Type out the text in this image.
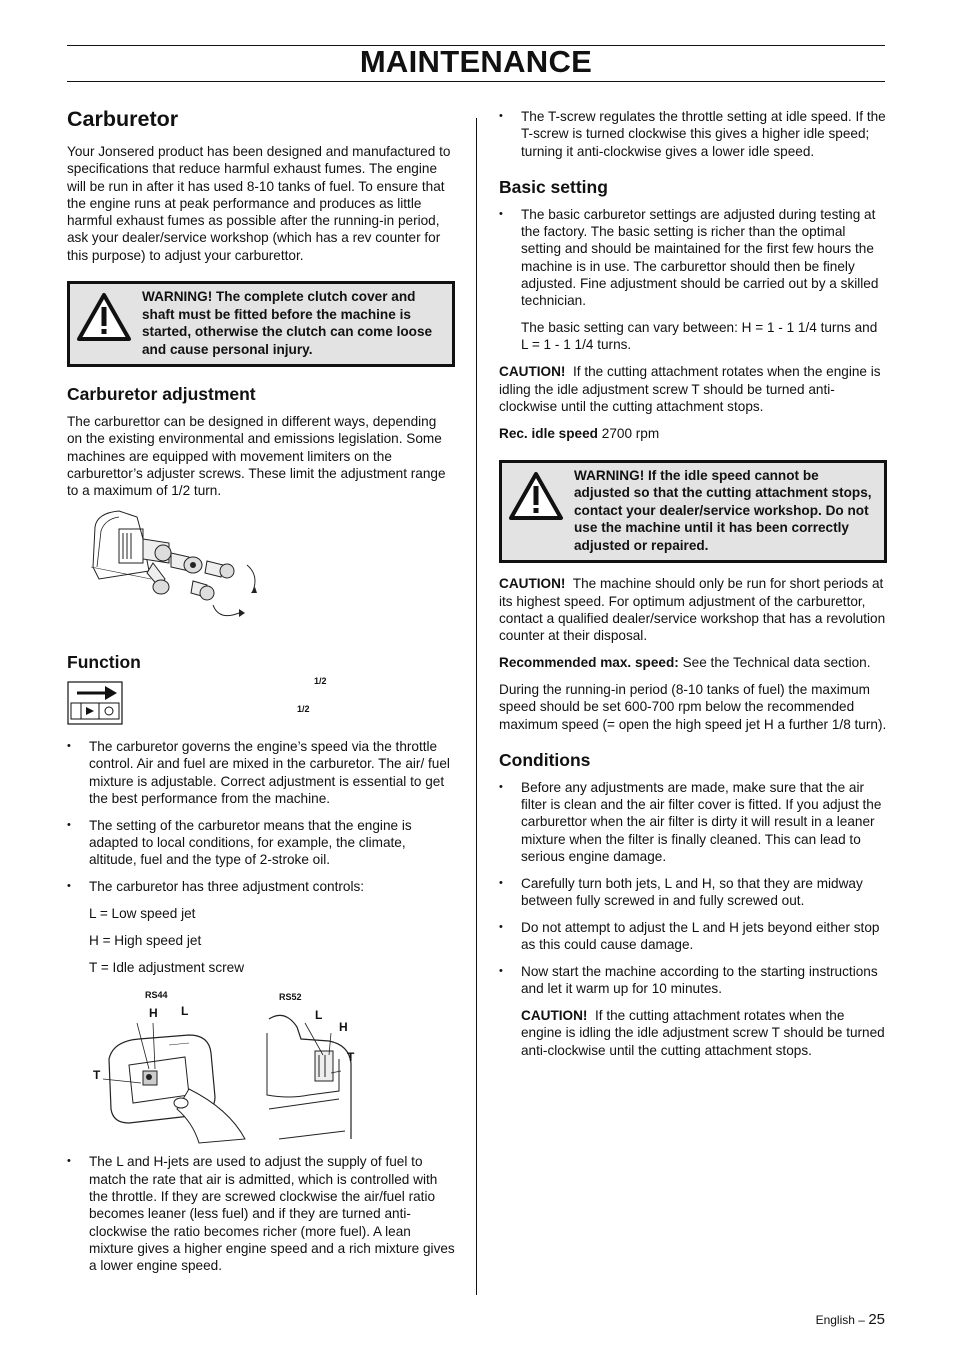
MAINTENANCE
Carburetor

Your Jonsered product has been designed and manufactured to specifications that reduce harmful exhaust fumes. The engine will be run in after it has used 8-10 tanks of fuel. To ensure that the engine runs at peak performance and produces as little harmful exhaust fumes as possible after the running-in period, ask your dealer/service workshop (which has a rev counter for this purpose) to adjust your carburettor.

WARNING! The complete clutch cover and shaft must be fitted before the machine is started, otherwise the clutch can come loose and cause personal injury.
Carburetor adjustment

The carburettor can be designed in different ways, depending on the existing environmental and emissions legislation. Some machines are equipped with movement limiters on the carburettor’s adjuster screws. These limit the adjustment range to a maximum of 1/2 turn.

1/2
1/2
Function
• The carburetor governs the engine’s speed via the throttle control. Air and fuel are mixed in the carburetor. The air/ fuel mixture is adjustable. Correct adjustment is essential to get the best performance from the machine.
• The setting of the carburetor means that the engine is adapted to local conditions, for example, the climate, altitude, fuel and the type of 2-stroke oil.
• The carburetor has three adjustment controls:

L = Low speed jet

H = High speed jet

T = Idle adjustment screw

RS44	RS52
H L
T
L
H
T
• The L and H-jets are used to adjust the supply of fuel to match the rate that air is admitted, which is controlled with the throttle. If they are screwed clockwise the air/fuel ratio becomes leaner (less fuel) and if they are turned anti-clockwise the ratio becomes richer (more fuel). A lean mixture gives a higher engine speed and a rich mixture gives a lower engine speed.
• The T-screw regulates the throttle setting at idle speed. If the T-screw is turned clockwise this gives a higher idle speed; turning it anti-clockwise gives a lower idle speed.
Basic setting
• The basic carburetor settings are adjusted during testing at the factory. The basic setting is richer than the optimal setting and should be maintained for the first few hours the machine is in use. The carburettor should then be finely adjusted. Fine adjustment should be carried out by a skilled technician.

The basic setting can vary between: H = 1 - 1 1/4 turns and L = 1 - 1 1/4 turns.

CAUTION! If the cutting attachment rotates when the engine is idling the idle adjustment screw T should be turned anti-clockwise until the cutting attachment stops.

Rec. idle speed 2700 rpm

WARNING! If the idle speed cannot be adjusted so that the cutting attachment stops, contact your dealer/service workshop. Do not use the machine until it has been correctly adjusted or repaired.

CAUTION! The machine should only be run for short periods at its highest speed. For optimum adjustment of the carburettor, contact a qualified dealer/service workshop that has a revolution counter at their disposal.

Recommended max. speed: See the Technical data section.

During the running-in period (8-10 tanks of fuel) the maximum speed should be set 600-700 rpm below the recommended maximum speed (= open the high speed jet H a further 1/8 turn).

Conditions
• Before any adjustments are made, make sure that the air filter is clean and the air filter cover is fitted. If you adjust the carburettor when the air filter is dirty it will result in a leaner mixture when the filter is finally cleaned. This can lead to serious engine damage.
• Carefully turn both jets, L and H, so that they are midway between fully screwed in and fully screwed out.
• Do not attempt to adjust the L and H jets beyond either stop as this could cause damage.
• Now start the machine according to the starting instructions and let it warm up for 10 minutes.

CAUTION! If the cutting attachment rotates when the engine is idling the idle adjustment screw T should be turned anti-clockwise until the cutting attachment stops.

English – 25
